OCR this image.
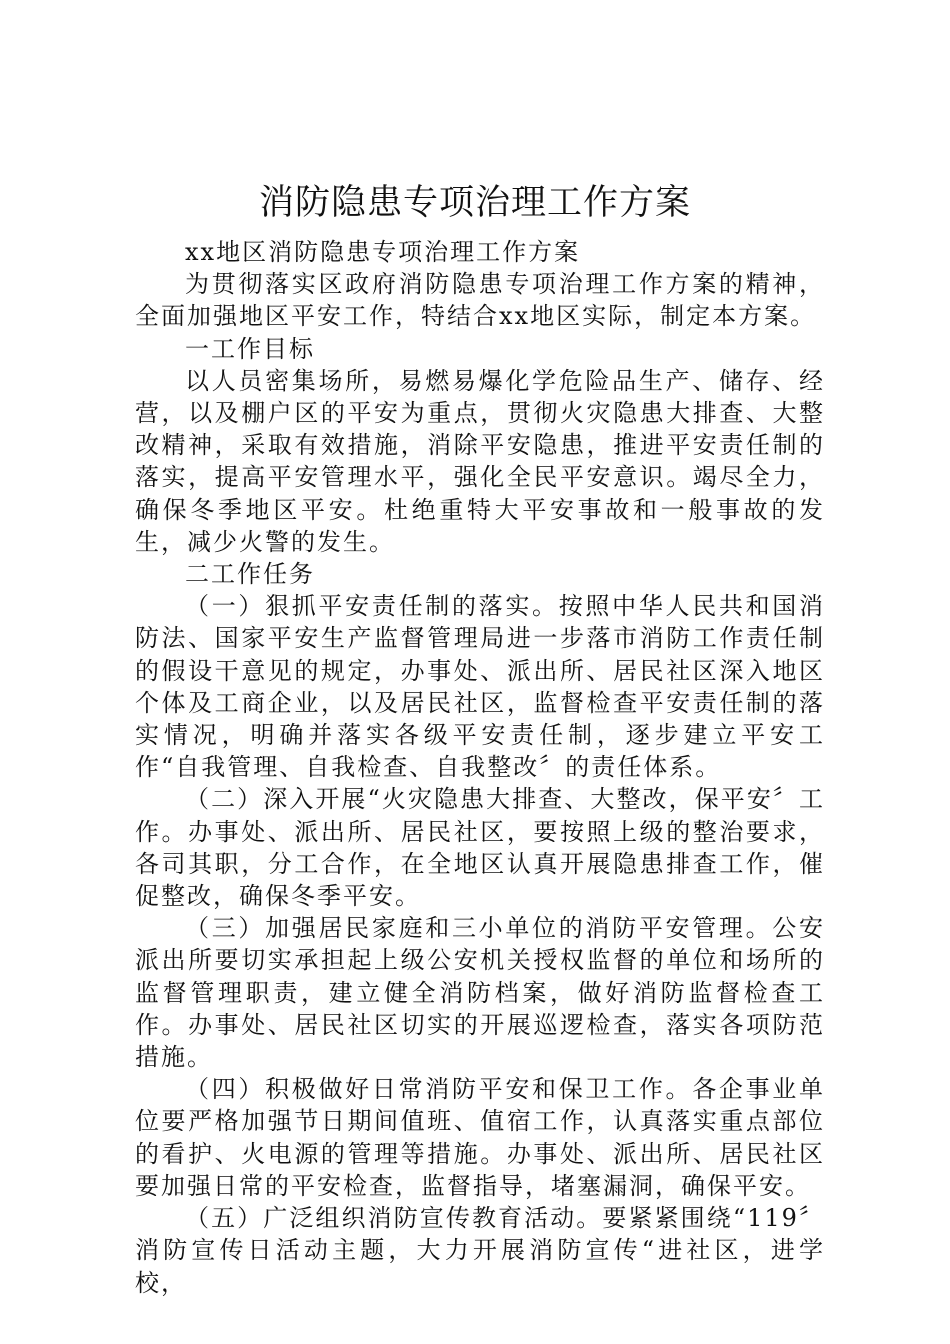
消防隐患专项治理工作方案

xx地区消防隐患专项治理工作方案

为贯彻落实区政府消防隐患专项治理工作方案的精神，全面加强地区平安工作，特结合xx地区实际，制定本方案。

一工作目标

以人员密集场所，易燃易爆化学危险品生产、储存、经营，以及棚户区的平安为重点，贯彻火灾隐患大排查、大整改精神，采取有效措施，消除平安隐患，推进平安责任制的落实，提高平安管理水平，强化全民平安意识。竭尽全力，确保冬季地区平安。杜绝重特大平安事故和一般事故的发生，减少火警的发生。

二工作任务

（一）狠抓平安责任制的落实。按照中华人民共和国消防法、国家平安生产监督管理局进一步落市消防工作责任制的假设干意见的规定，办事处、派出所、居民社区深入地区个体及工商企业，以及居民社区，监督检查平安责任制的落实情况，明确并落实各级平安责任制，逐步建立平安工作“自我管理、自我检查、自我整改〞的责任体系。

（二）深入开展“火灾隐患大排查、大整改，保平安〞工作。办事处、派出所、居民社区，要按照上级的整治要求，各司其职，分工合作，在全地区认真开展隐患排查工作，催促整改，确保冬季平安。

（三）加强居民家庭和三小单位的消防平安管理。公安派出所要切实承担起上级公安机关授权监督的单位和场所的监督管理职责，建立健全消防档案，做好消防监督检查工作。办事处、居民社区切实的开展巡逻检查，落实各项防范措施。

（四）积极做好日常消防平安和保卫工作。各企事业单位要严格加强节日期间值班、值宿工作，认真落实重点部位的看护、火电源的管理等措施。办事处、派出所、居民社区要加强日常的平安检查，监督指导，堵塞漏洞，确保平安。

（五）广泛组织消防宣传教育活动。要紧紧围绕“119〞消防宣传日活动主题，大力开展消防宣传“进社区，进学校，
